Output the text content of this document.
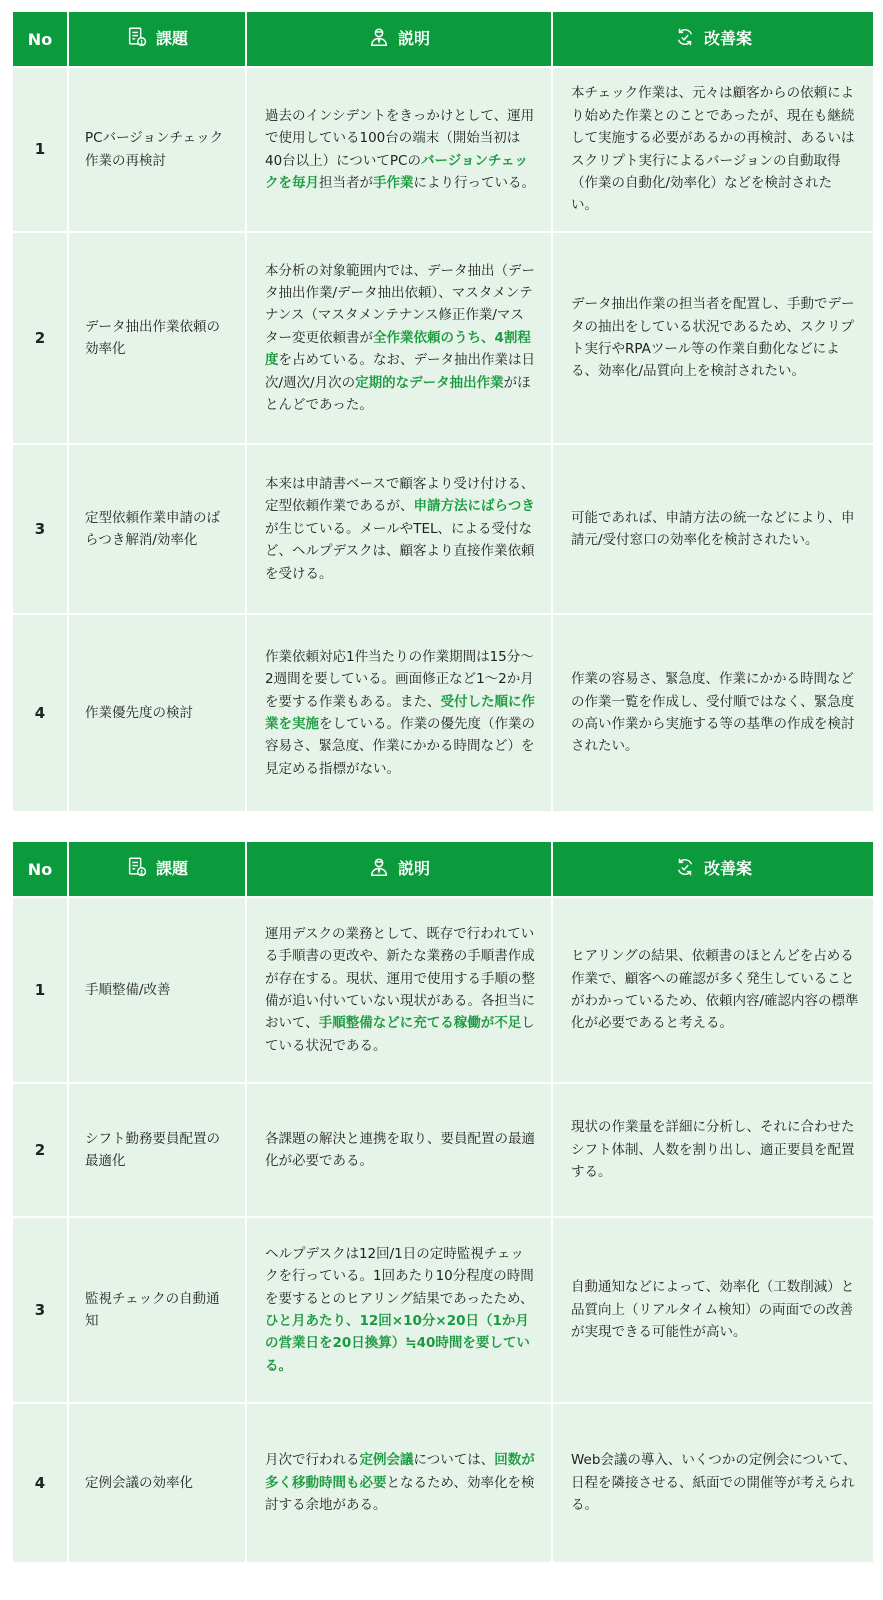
No	課題	説明	改善案

1	PCバージョンチェック作業の再検討	過去のインシデントをきっかけとして、運用で使用している100台の端末（開始当初は40台以上）についてPCのバージョンチェックを毎月担当者が手作業により行っている。	本チェック作業は、元々は顧客からの依頼により始めた作業とのことであったが、現在も継続して実施する必要があるかの再検討、あるいはスクリプト実行によるバージョンの自動取得（作業の自動化/効率化）などを検討されたい。
2	データ抽出作業依頼の効率化	本分析の対象範囲内では、データ抽出（データ抽出作業/データ抽出依頼）、マスタメンテナンス（マスタメンテナンス修正作業/マスター変更依頼書が全作業依頼のうち、4割程度を占めている。なお、データ抽出作業は日次/週次/月次の定期的なデータ抽出作業がほとんどであった。	データ抽出作業の担当者を配置し、手動でデータの抽出をしている状況であるため、スクリプト実行やRPAツール等の作業自動化などによる、効率化/品質向上を検討されたい。
3	定型依頼作業申請のばらつき解消/効率化	本来は申請書ベースで顧客より受け付ける、定型依頼作業であるが、申請方法にばらつきが生じている。メールやTEL、による受付など、ヘルプデスクは、顧客より直接作業依頼を受ける。	可能であれば、申請方法の統一などにより、申請元/受付窓口の効率化を検討されたい。
4	作業優先度の検討	作業依頼対応1件当たりの作業期間は15分～2週間を要している。画面修正など1～2か月を要する作業もある。また、受付した順に作業を実施をしている。作業の優先度（作業の容易さ、緊急度、作業にかかる時間など）を見定める指標がない。	作業の容易さ、緊急度、作業にかかる時間などの作業一覧を作成し、受付順ではなく、緊急度の高い作業から実施する等の基準の作成を検討されたい。
No	課題	説明	改善案

1	手順整備/改善	運用デスクの業務として、既存で行われている手順書の更改や、新たな業務の手順書作成が存在する。現状、運用で使用する手順の整備が追い付いていない現状がある。各担当において、手順整備などに充てる稼働が不足している状況である。	ヒアリングの結果、依頼書のほとんどを占める作業で、顧客への確認が多く発生していることがわかっているため、依頼内容/確認内容の標準化が必要であると考える。
2	シフト勤務要員配置の最適化	各課題の解決と連携を取り、要員配置の最適化が必要である。	現状の作業量を詳細に分析し、それに合わせたシフト体制、人数を割り出し、適正要員を配置する。
3	監視チェックの自動通知	ヘルプデスクは12回/1日の定時監視チェックを行っている。1回あたり10分程度の時間を要するとのヒアリング結果であったため、ひと月あたり、12回×10分×20日（1か月の営業日を20日換算）≒40時間を要している。	自動通知などによって、効率化（工数削減）と品質向上（リアルタイム検知）の両面での改善が実現できる可能性が高い。
4	定例会議の効率化	月次で行われる定例会議については、回数が多く移動時間も必要となるため、効率化を検討する余地がある。	Web会議の導入、いくつかの定例会について、日程を隣接させる、紙面での開催等が考えられる。
